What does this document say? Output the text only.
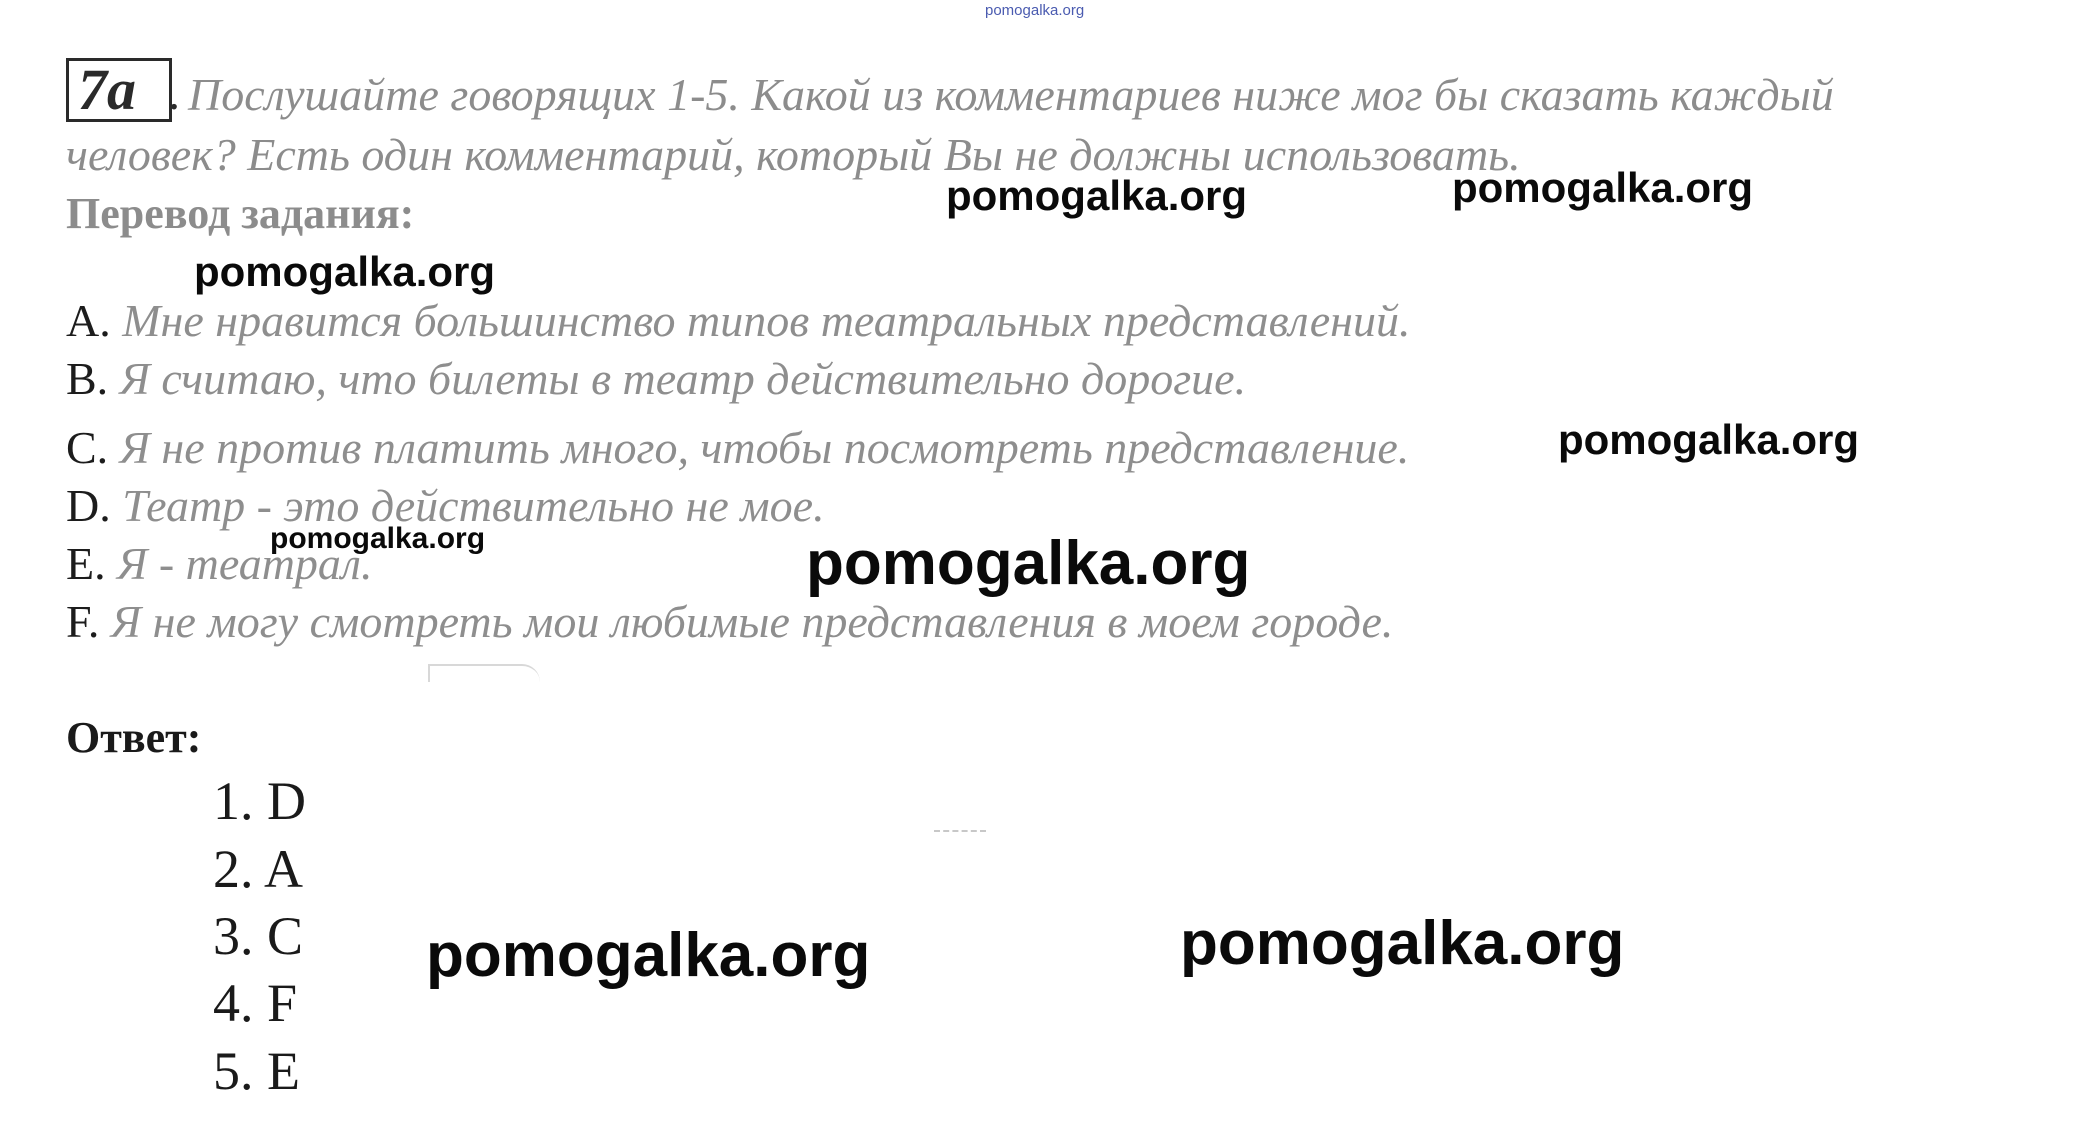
pomogalka.org
7a . Послушайте говорящих 1-5. Какой из комментариев ниже мог бы сказать каждый
человек? Есть один комментарий, который Вы не должны использовать.
Перевод задания:
A. Мне нравится большинство типов театральных представлений.
B. Я считаю, что билеты в театр действительно дорогие.
C. Я не против платить много, чтобы посмотреть представление.
D. Театр - это действительно не мое.
E. Я - театрал.
F. Я не могу смотреть мои любимые представления в моем городе.
Ответ:
1. D
2. A
3. C
4. F
5. E
pomogalka.org	pomogalka.org
pomogalka.org
pomogalka.org
pomogalka.org	pomogalka.org
pomogalka.org	pomogalka.org
